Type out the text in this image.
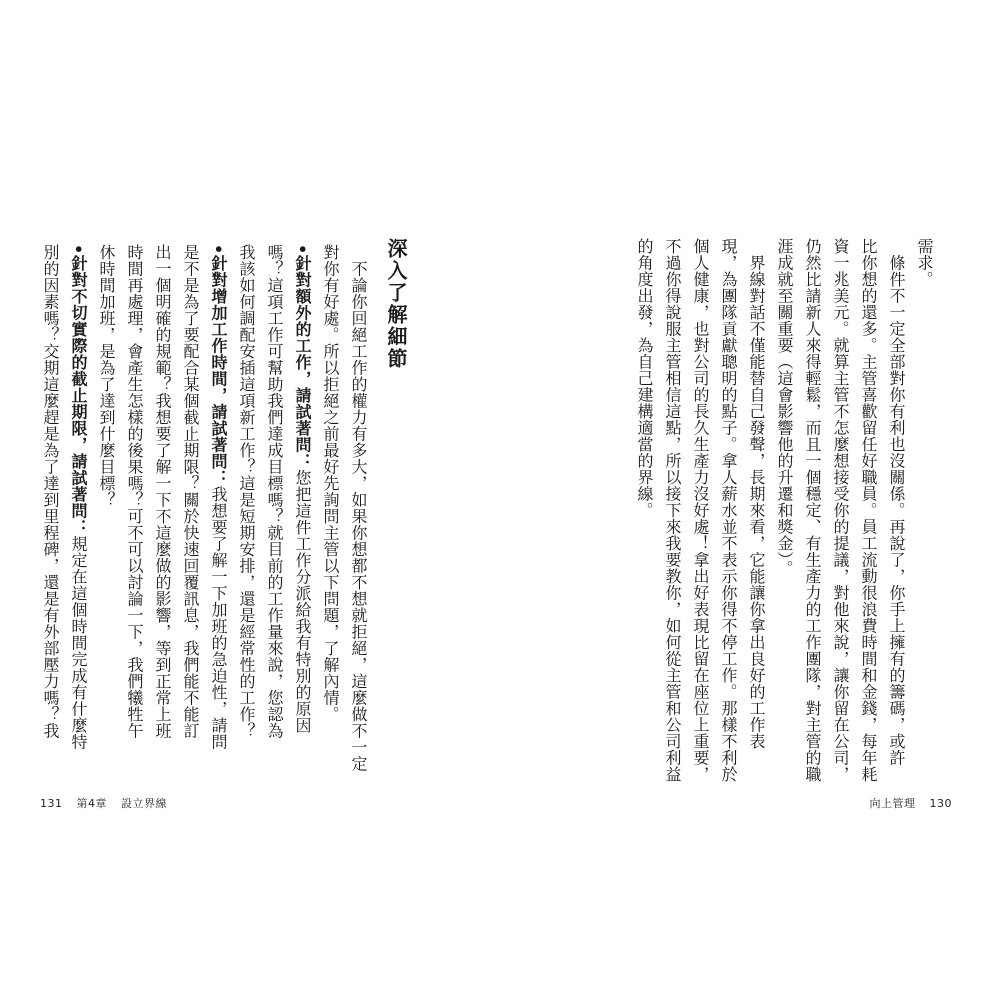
需求。
　條件不一定全部對你有利也沒關係。再說了，你手上擁有的籌碼，或許
比你想的還多。主管喜歡留任好職員。員工流動很浪費時間和金錢，每年耗
資一兆美元。就算主管不怎麼想接受你的提議，對他來說，讓你留在公司，
仍然比請新人來得輕鬆，而且一個穩定、有生產力的工作團隊，對主管的職
涯成就至關重要（這會影響他的升遷和獎金）。
　界線對話不僅能替自己發聲，長期來看，它能讓你拿出良好的工作表
現，為團隊貢獻聰明的點子。拿人薪水並不表示你得不停工作。那樣不利於
個人健康，也對公司的長久生產力沒好處！拿出好表現比留在座位上重要，
不過你得說服主管相信這點，所以接下來我要教你，如何從主管和公司利益
的角度出發，為自己建構適當的界線。
向上管理 130
深入了解細節
　不論你回絕工作的權力有多大，如果你想都不想就拒絕，這麼做不一定
對你有好處。所以拒絕之前最好先詢問主管以下問題，了解內情。
•針對額外的工作，請試著問：您把這件工作分派給我有特別的原因
嗎？這項工作可幫助我們達成目標嗎？就目前的工作量來說，您認為
我該如何調配安插這項新工作？這是短期安排，還是經常性的工作？
•針對增加工作時間，請試著問：我想要了解一下加班的急迫性，請問
是不是為了要配合某個截止期限？關於快速回覆訊息，我們能不能訂
出一個明確的規範？我想要了解一下不這麼做的影響，等到正常上班
時間再處理，會產生怎樣的後果嗎？可不可以討論一下，我們犧牲午
休時間加班，是為了達到什麼目標？
•針對不切實際的截止期限，請試著問：規定在這個時間完成有什麼特
別的因素嗎？交期這麼趕是為了達到里程碑，還是有外部壓力嗎？我
131 第4章 設立界線
